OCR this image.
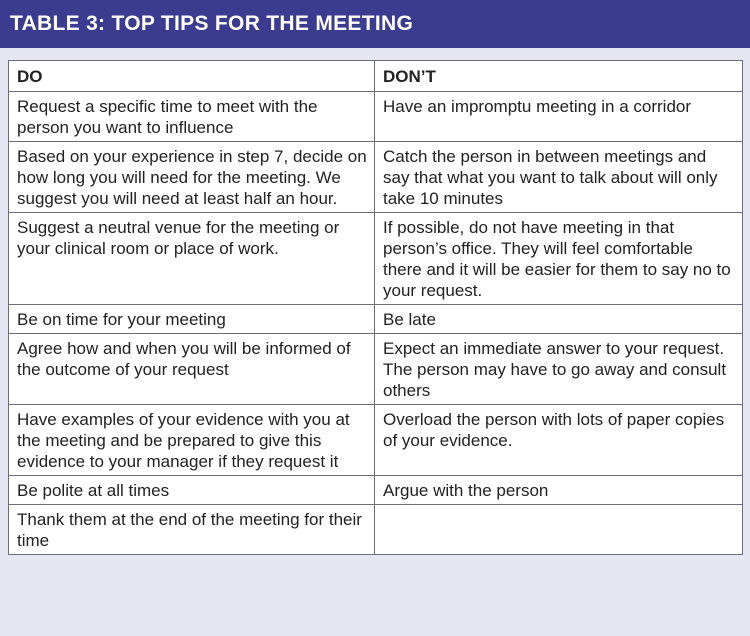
TABLE 3: TOP TIPS FOR THE MEETING
DO	DON’T
Request a specific time to meet with the person you want to influence	Have an impromptu meeting in a corridor
Based on your experience in step 7, decide on how long you will need for the meeting. We suggest you will need at least half an hour.	Catch the person in between meetings and say that what you want to talk about will only take 10 minutes
Suggest a neutral venue for the meeting or your clinical room or place of work.	If possible, do not have meeting in that person’s office. They will feel comfortable there and it will be easier for them to say no to your request.
Be on time for your meeting	Be late
Agree how and when you will be informed of the outcome of your request	Expect an immediate answer to your request. The person may have to go away and consult others
Have examples of your evidence with you at the meeting and be prepared to give this evidence to your manager if they request it	Overload the person with lots of paper copies of your evidence.
Be polite at all times	Argue with the person
Thank them at the end of the meeting for their time	
